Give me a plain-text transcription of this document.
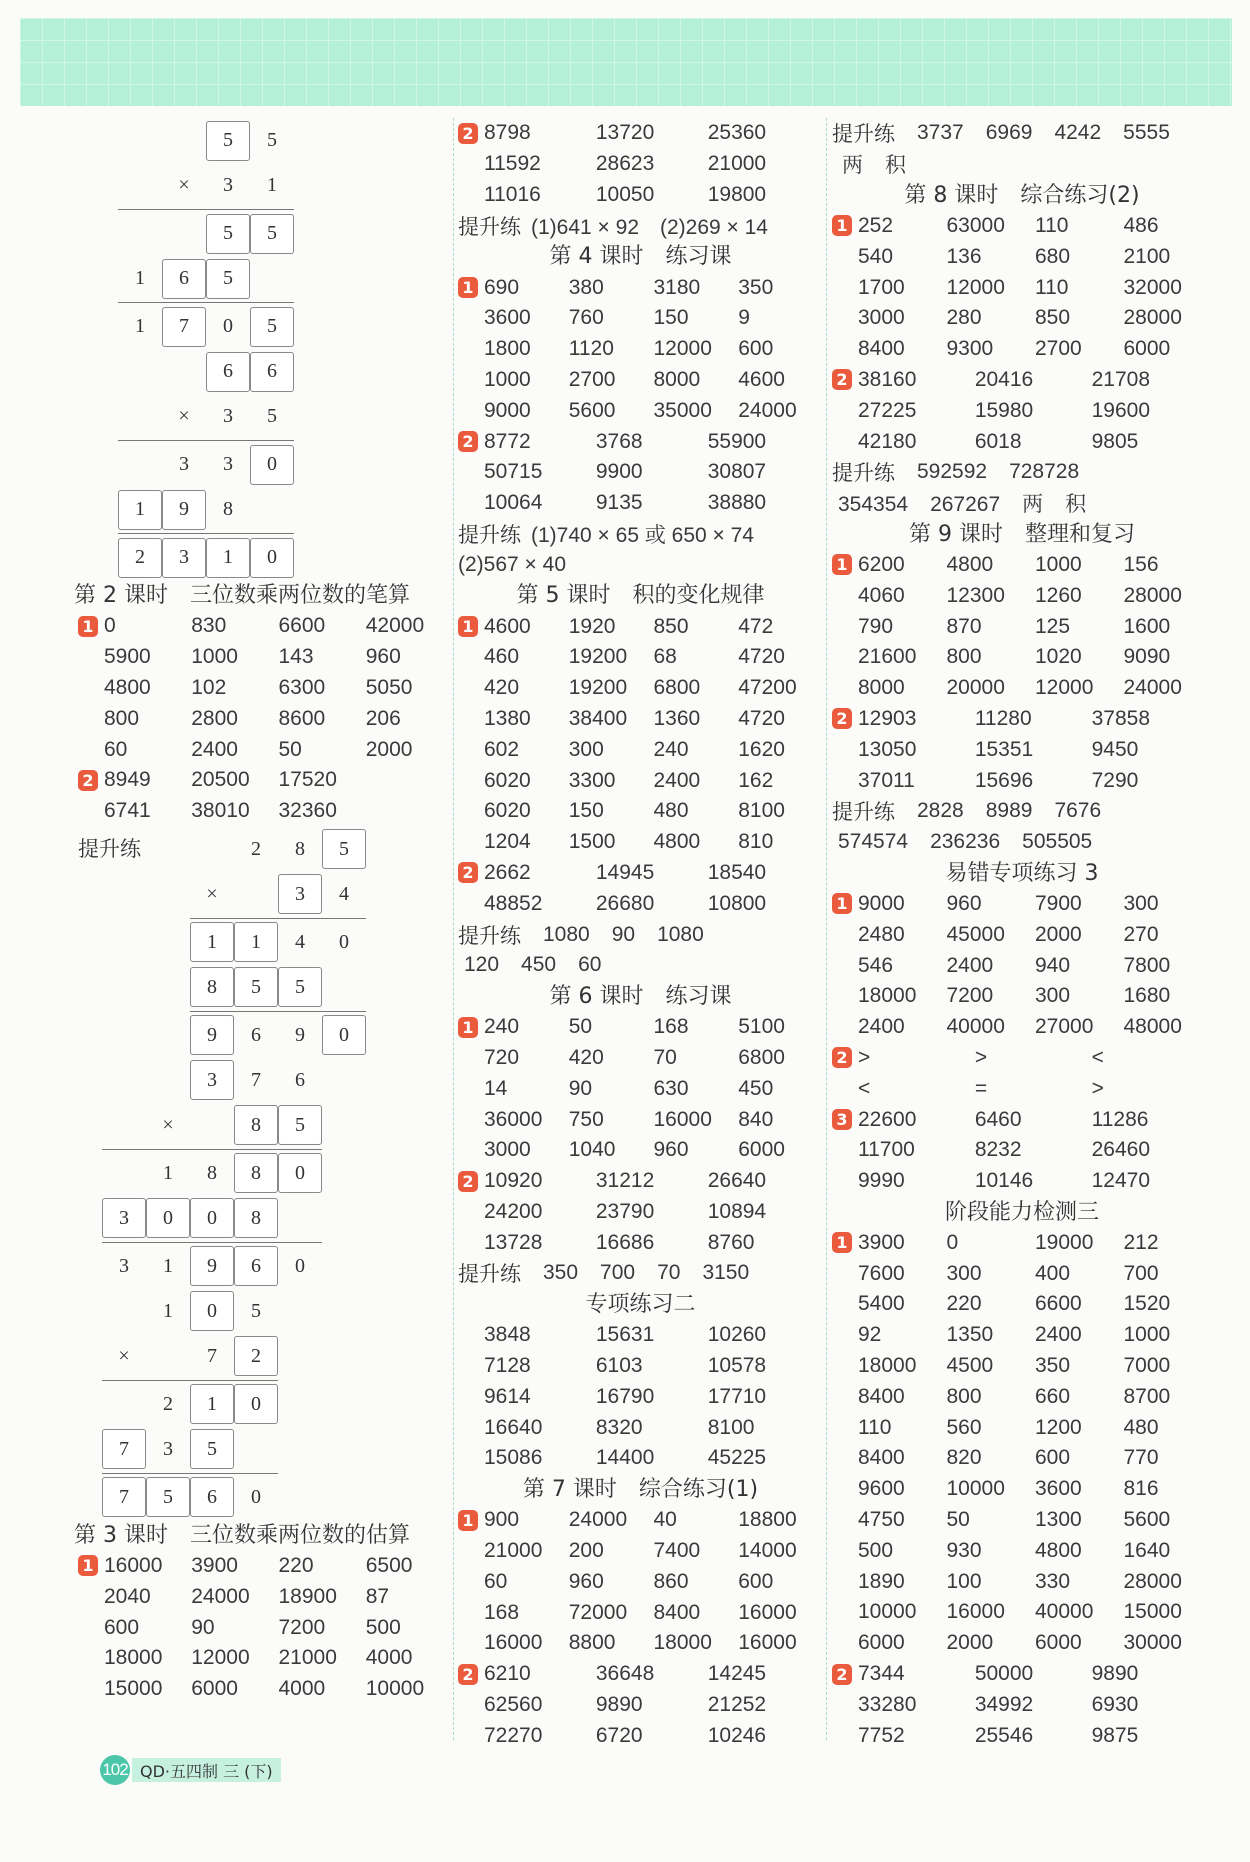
5	5
×	3	1
5	5
1	6	5
1	7	0	5
6	6
×	3	5
3	3	0
1	9	8
2	3	1	0
第 2 课时　三位数乘两位数的笔算
1 0	830	6600	42000
5900	1000	143	960
4800	102	6300	5050
800	2800	8600	206
60	2400	50	2000
2 8949	20500	17520
6741	38010	32360
提升练	2	8	5
×	3	4
1	1	4	0
8	5	5
9	6	9	0
3	7	6
×	8	5
1	8	8	0
3	0	0	8
3	1	9	6	0
1	0	5
×	7	2
2	1	0
7	3	5
7	5	6	0
第 3 课时　三位数乘两位数的估算
1 16000	3900	220	6500
2040	24000	18900	87
600	90	7200	500
18000	12000	21000	4000
15000	6000	4000	10000
2 8798	13720	25360
11592	28623	21000
11016	10050	19800
提升练 (1)641 × 92　(2)269 × 14
第 4 课时　练习课
1 690	380	3180	350
3600	760	150	9
1800	1120	12000	600
1000	2700	8000	4600
9000	5600	35000	24000
2 8772	3768	55900
50715	9900	30807
10064	9135	38880
提升练 (1)740 × 65 或 650 × 74
(2)567 × 40
第 5 课时　积的变化规律
1 4600	1920	850	472
460	19200	68	4720
420	19200	6800	47200
1380	38400	1360	4720
602	300	240	1620
6020	3300	2400	162
6020	150	480	8100
1204	1500	4800	810
2 2662	14945	18540
48852	26680	10800
提升练 1080 90 1080
120 450 60
第 6 课时　练习课
1 240	50	168	5100
720	420	70	6800
14	90	630	450
36000	750	16000	840
3000	1040	960	6000
2 10920	31212	26640
24200	23790	10894
13728	16686	8760
提升练 350 700 70 3150
专项练习二
3848	15631	10260
7128	6103	10578
9614	16790	17710
16640	8320	8100
15086	14400	45225
第 7 课时　综合练习(1)
1 900	24000	40	18800
21000	200	7400	14000
60	960	860	600
168	72000	8400	16000
16000	8800	18000	16000
2 6210	36648	14245
62560	9890	21252
72270	6720	10246
提升练 3737 6969 4242 5555
两 积
第 8 课时　综合练习(2)
1 252	63000	110	486
540	136	680	2100
1700	12000	110	32000
3000	280	850	28000
8400	9300	2700	6000
2 38160	20416	21708
27225	15980	19600
42180	6018	9805
提升练 592592 728728
354354 267267 两 积
第 9 课时　整理和复习
1 6200	4800	1000	156
4060	12300	1260	28000
790	870	125	1600
21600	800	1020	9090
8000	20000	12000	24000
2 12903	11280	37858
13050	15351	9450
37011	15696	7290
提升练 2828 8989 7676
574574 236236 505505
易错专项练习 3
1 9000	960	7900	300
2480	45000	2000	270
546	2400	940	7800
18000	7200	300	1680
2400	40000	27000	48000
2 >	>	<
<	=	>
3 22600	6460	11286
11700	8232	26460
9990	10146	12470
阶段能力检测三
1 3900	0	19000	212
7600	300	400	700
5400	220	6600	1520
92	1350	2400	1000
18000	4500	350	7000
8400	800	660	8700
110	560	1200	480
8400	820	600	770
9600	10000	3600	816
4750	50	1300	5600
500	930	4800	1640
1890	100	330	28000
10000	16000	40000	15000
6000	2000	6000	30000
2 7344	50000	9890
33280	34992	6930
7752	25546	9875
102 QD·五四制 三 (下)
